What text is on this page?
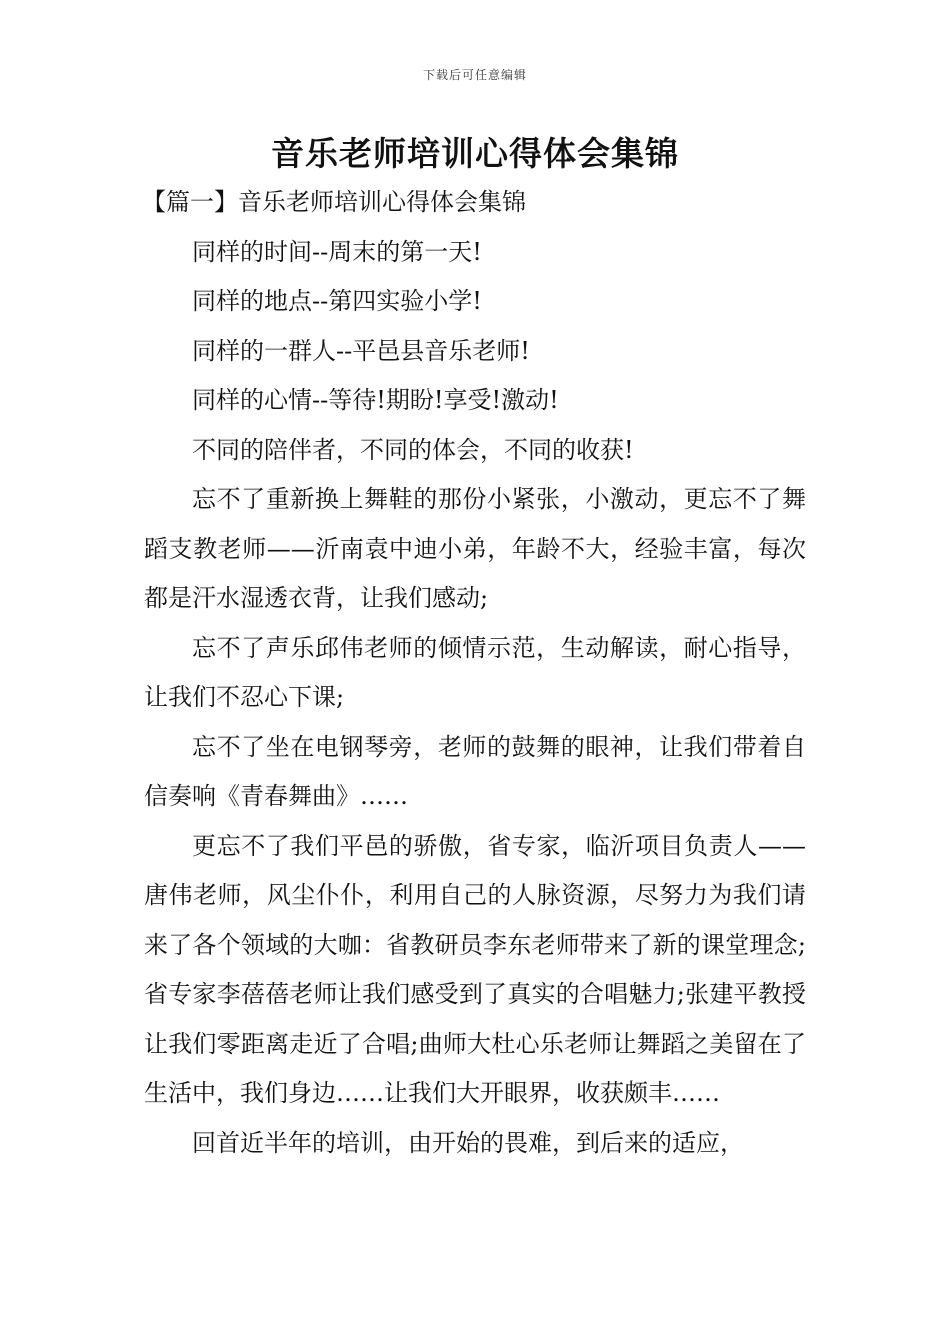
下载后可任意编辑
音乐老师培训心得体会集锦

【篇一】音乐老师培训心得体会集锦

同样的时间--周末的第一天!

同样的地点--第四实验小学!

同样的一群人--平邑县音乐老师!

同样的心情--等待!期盼!享受!激动!

不同的陪伴者，不同的体会，不同的收获!

忘不了重新换上舞鞋的那份小紧张，小激动，更忘不了舞蹈支教老师——沂南袁中迪小弟，年龄不大，经验丰富，每次都是汗水湿透衣背，让我们感动;

忘不了声乐邱伟老师的倾情示范，生动解读，耐心指导，让我们不忍心下课;

忘不了坐在电钢琴旁，老师的鼓舞的眼神，让我们带着自信奏响《青春舞曲》……

更忘不了我们平邑的骄傲，省专家，临沂项目负责人——唐伟老师，风尘仆仆，利用自己的人脉资源，尽努力为我们请来了各个领域的大咖：省教研员李东老师带来了新的课堂理念;省专家李蓓蓓老师让我们感受到了真实的合唱魅力;张建平教授让我们零距离走近了合唱;曲师大杜心乐老师让舞蹈之美留在了生活中，我们身边……让我们大开眼界，收获颇丰……

回首近半年的培训，由开始的畏难，到后来的适应，
